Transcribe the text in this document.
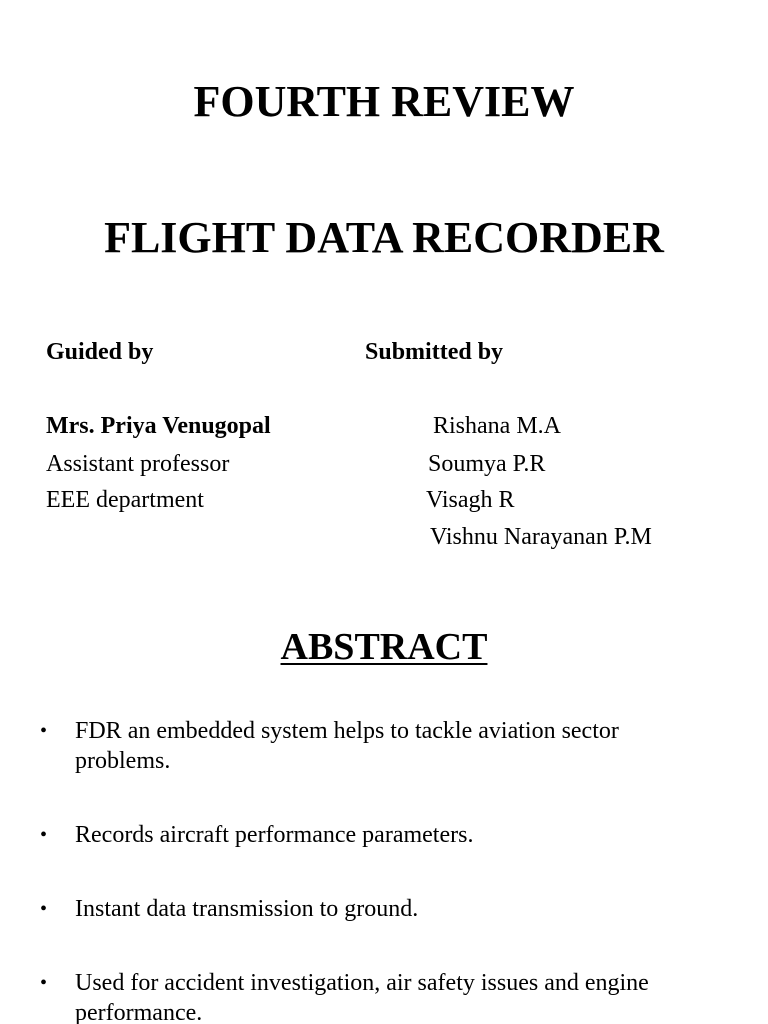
FOURTH REVIEW
FLIGHT DATA RECORDER
Guided by
Mrs. Priya Venugopal
Assistant professor
EEE department
Submitted by
Rishana M.A
Soumya P.R
Visagh R
Vishnu Narayanan P.M
ABSTRACT
•	FDR an embedded system helps to tackle aviation sector problems.
•	Records aircraft performance parameters.
•	Instant data transmission to ground.
•	Used for accident investigation, air safety issues and engine performance.
